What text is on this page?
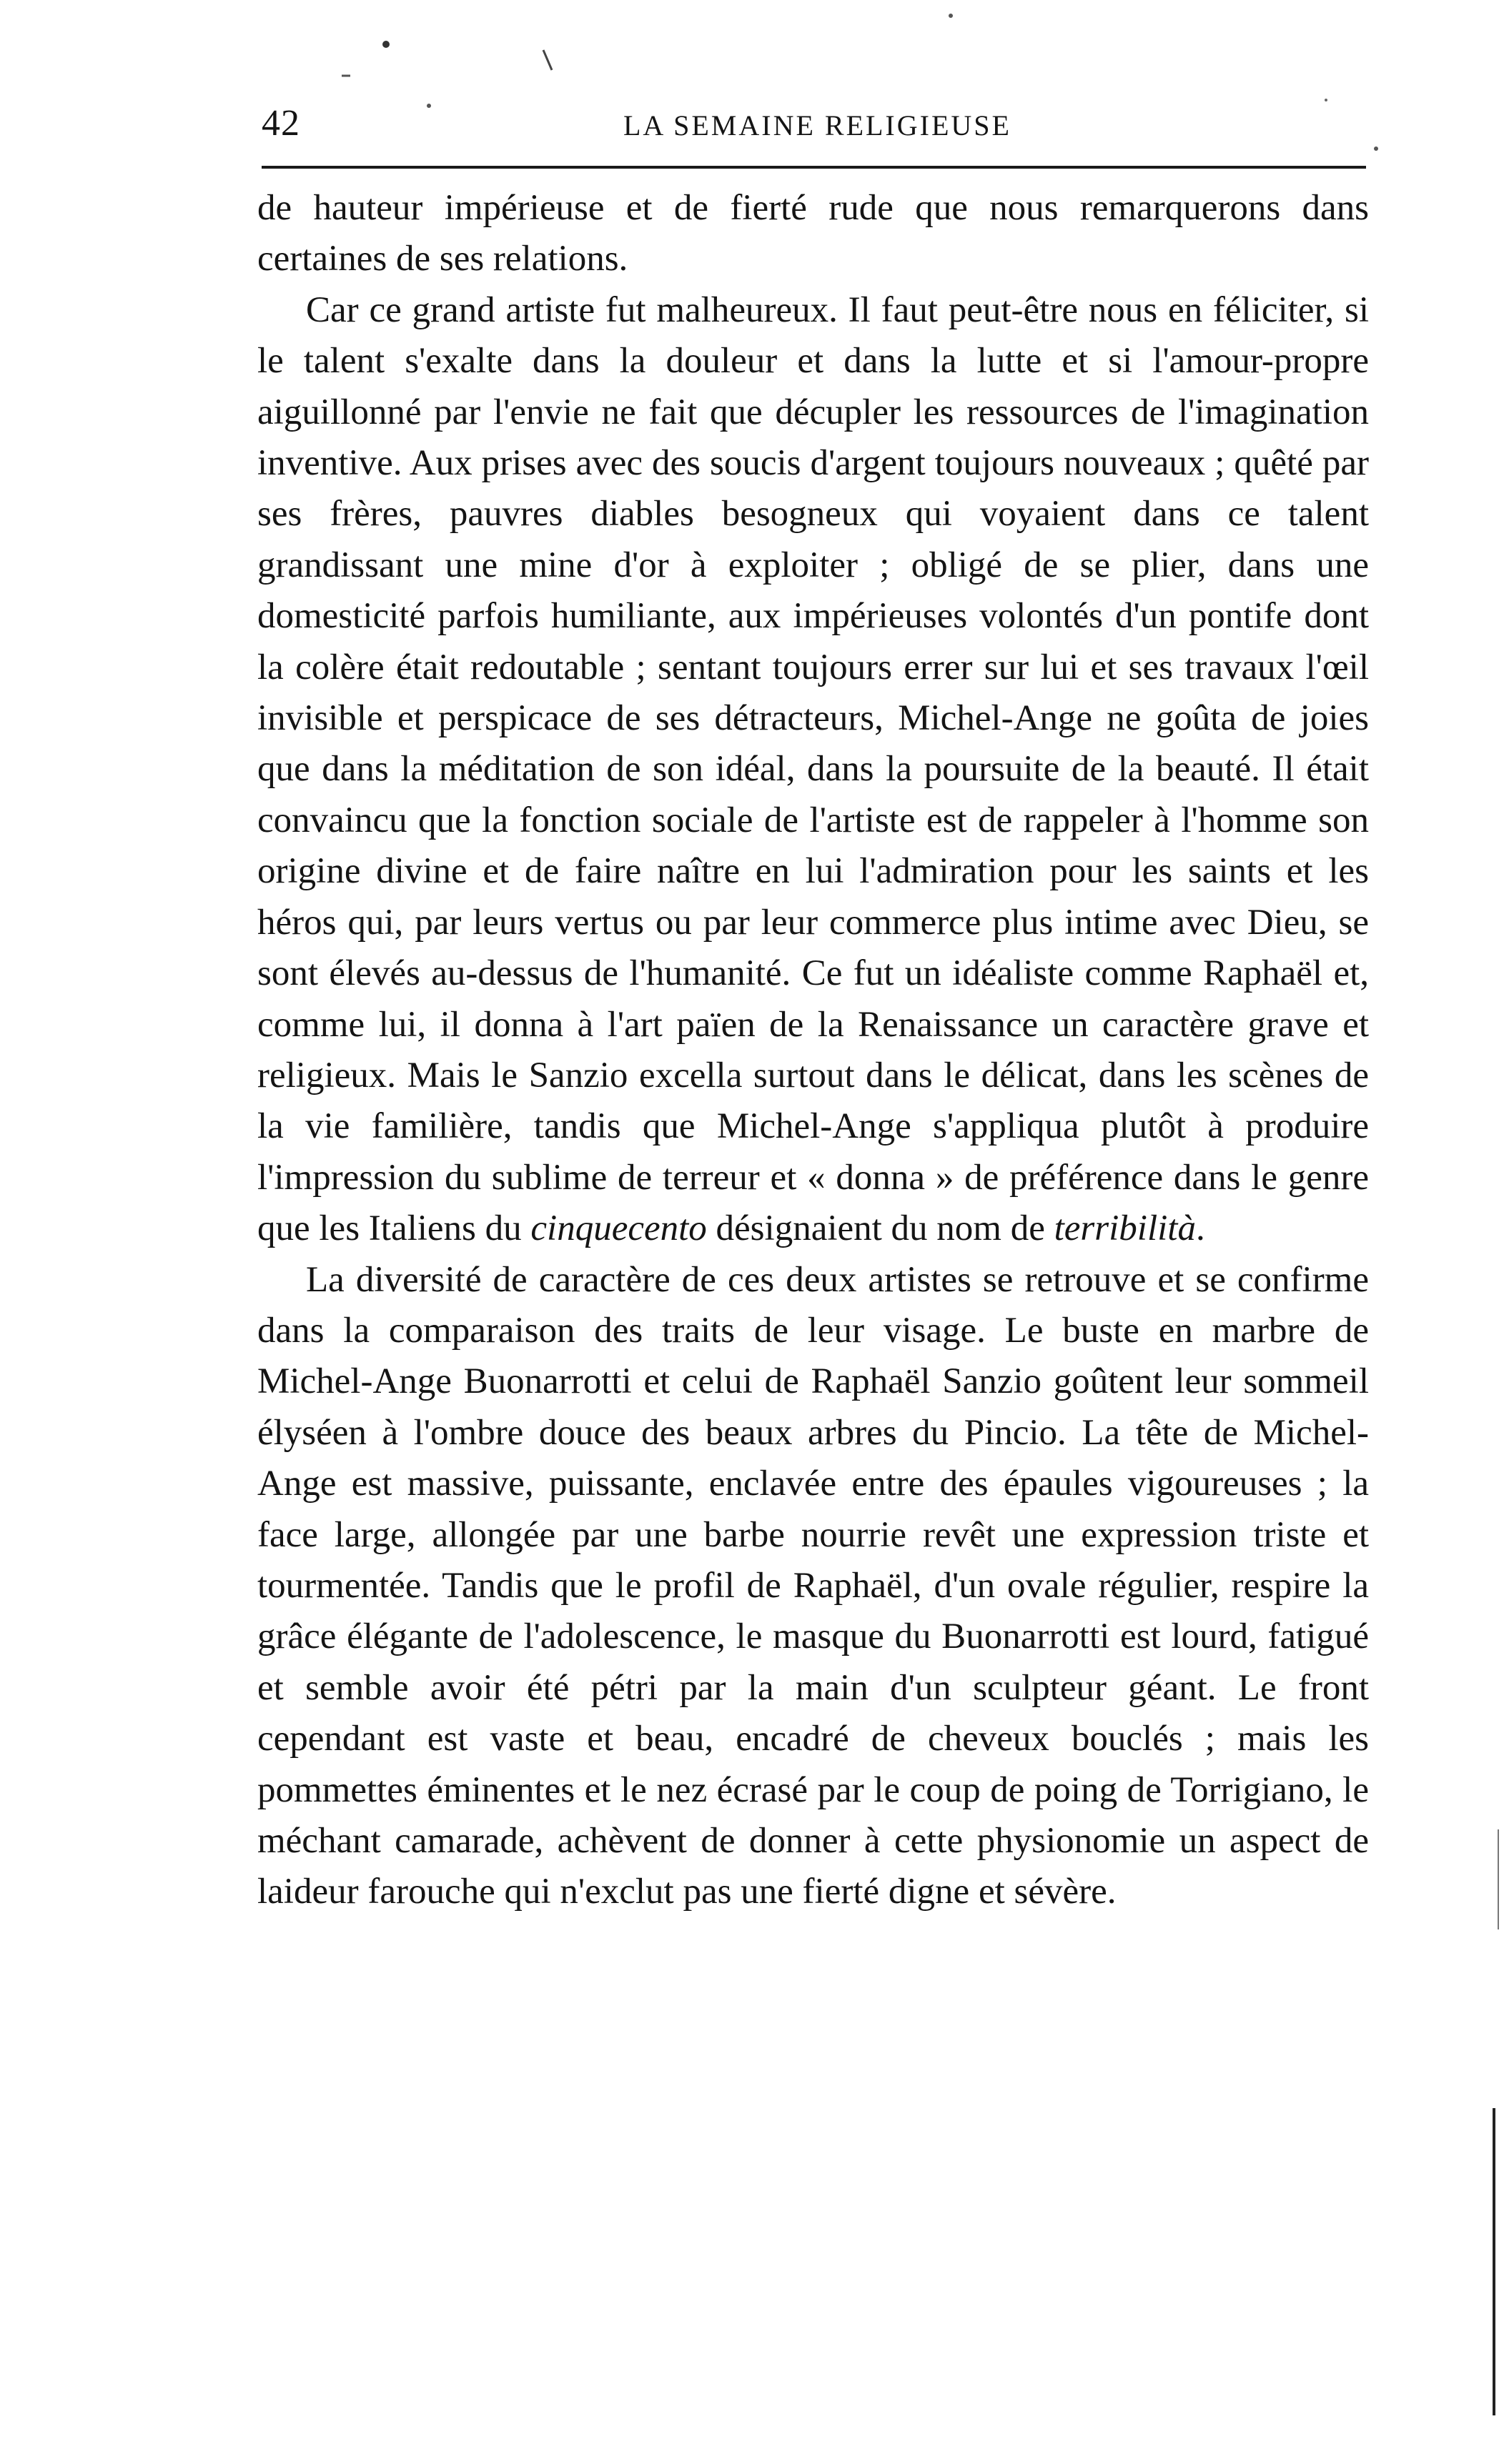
42	LA SEMAINE RELIGIEUSE

de hauteur impérieuse et de fierté rude que nous remarquerons dans certaines de ses relations.

Car ce grand artiste fut malheureux. Il faut peut-être nous en féliciter, si le talent s'exalte dans la douleur et dans la lutte et si l'amour-propre aiguillonné par l'envie ne fait que décupler les ressources de l'imagination inventive. Aux prises avec des soucis d'argent toujours nouveaux ; quêté par ses frères, pauvres diables besogneux qui voyaient dans ce talent grandissant une mine d'or à exploiter ; obligé de se plier, dans une domesticité parfois humiliante, aux impérieuses volontés d'un pontife dont la colère était redoutable ; sentant toujours errer sur lui et ses travaux l'œil invisible et perspicace de ses détracteurs, Michel-Ange ne goûta de joies que dans la méditation de son idéal, dans la poursuite de la beauté. Il était convaincu que la fonction sociale de l'artiste est de rappeler à l'homme son origine divine et de faire naître en lui l'admiration pour les saints et les héros qui, par leurs vertus ou par leur commerce plus intime avec Dieu, se sont élevés au-dessus de l'humanité. Ce fut un idéaliste comme Raphaël et, comme lui, il donna à l'art païen de la Renaissance un caractère grave et religieux. Mais le Sanzio excella surtout dans le délicat, dans les scènes de la vie familière, tandis que Michel-Ange s'appliqua plutôt à produire l'impression du sublime de terreur et « donna » de préférence dans le genre que les Italiens du cinquecento désignaient du nom de terribilità.

La diversité de caractère de ces deux artistes se retrouve et se confirme dans la comparaison des traits de leur visage. Le buste en marbre de Michel-Ange Buonarrotti et celui de Raphaël Sanzio goûtent leur sommeil élyséen à l'ombre douce des beaux arbres du Pincio. La tête de Michel-Ange est massive, puissante, enclavée entre des épaules vigoureuses ; la face large, allongée par une barbe nourrie revêt une expression triste et tourmentée. Tandis que le profil de Raphaël, d'un ovale régulier, respire la grâce élégante de l'adolescence, le masque du Buonarrotti est lourd, fatigué et semble avoir été pétri par la main d'un sculpteur géant. Le front cependant est vaste et beau, encadré de cheveux bouclés ; mais les pommettes éminentes et le nez écrasé par le coup de poing de Torrigiano, le méchant camarade, achèvent de donner à cette physionomie un aspect de laideur farouche qui n'exclut pas une fierté digne et sévère.
